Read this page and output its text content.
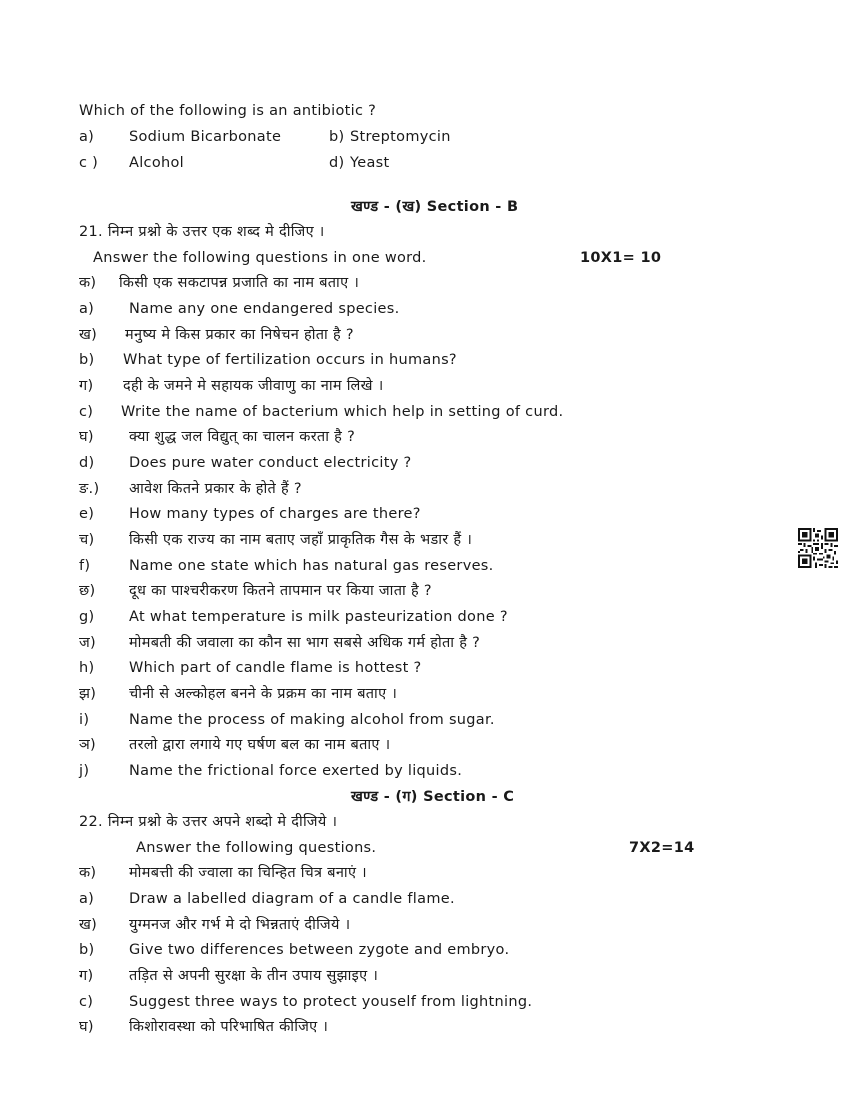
Which of the following is an antibiotic ?
a) Sodium Bicarbonate	b) Streptomycin
c ) Alcohol	d) Yeast
खण्ड - (ख) Section - B
21. निम्न प्रश्नो के उत्तर एक शब्द मे दीजिए ।
Answer the following questions in one word.	10X1= 10
क) किसी एक सकटापन्न प्रजाति का नाम बताए ।
a) Name any one endangered species.
ख) मनुष्य मे किस प्रकार का निषेचन होता है ?
b) What type of fertilization occurs in humans?
ग) दही के जमने मे सहायक जीवाणु का नाम लिखे ।
c) Write the name of bacterium which help in setting of curd.
घ) क्या शुद्ध जल विद्युत् का चालन करता है ?
d) Does pure water conduct electricity ?
ङ.) आवेश कितने प्रकार के होते हैं ?
e) How many types of charges are there?
च) किसी एक राज्य का नाम बताए जहाँ प्राकृतिक गैस के भडार हैं ।
f)	Name one state which has natural gas reserves.
छ) दूध का पाश्चरीकरण कितने तापमान पर किया जाता है ?
g) At what temperature is milk pasteurization done ?
ज) मोमबती की जवाला का कौन सा भाग सबसे अधिक गर्म होता है ?
h) Which part of candle flame is hottest ?
झ) चीनी से अल्कोहल बनने के प्रक्रम का नाम बताए ।
i)	Name the process of making alcohol from sugar.
ञ) तरलो द्वारा लगाये गए घर्षण बल का नाम बताए ।
j)	Name the frictional force exerted by liquids.
खण्ड - (ग) Section - C
22. निम्न प्रश्नो के उत्तर अपने शब्दो मे दीजिये ।
Answer the following questions.	7X2=14
क) मोमबत्ती की ज्वाला का चिन्हित चित्र बनाएं ।
a) Draw a labelled diagram of a candle flame.
ख) युग्मनज और गर्भ मे दो भिन्नताएं दीजिये ।
b) Give two differences between zygote and embryo.
ग) तड़ित से अपनी सुरक्षा के तीन उपाय सुझाइए ।
c) Suggest three ways to protect youself from lightning.
घ) किशोरावस्था को परिभाषित कीजिए ।
